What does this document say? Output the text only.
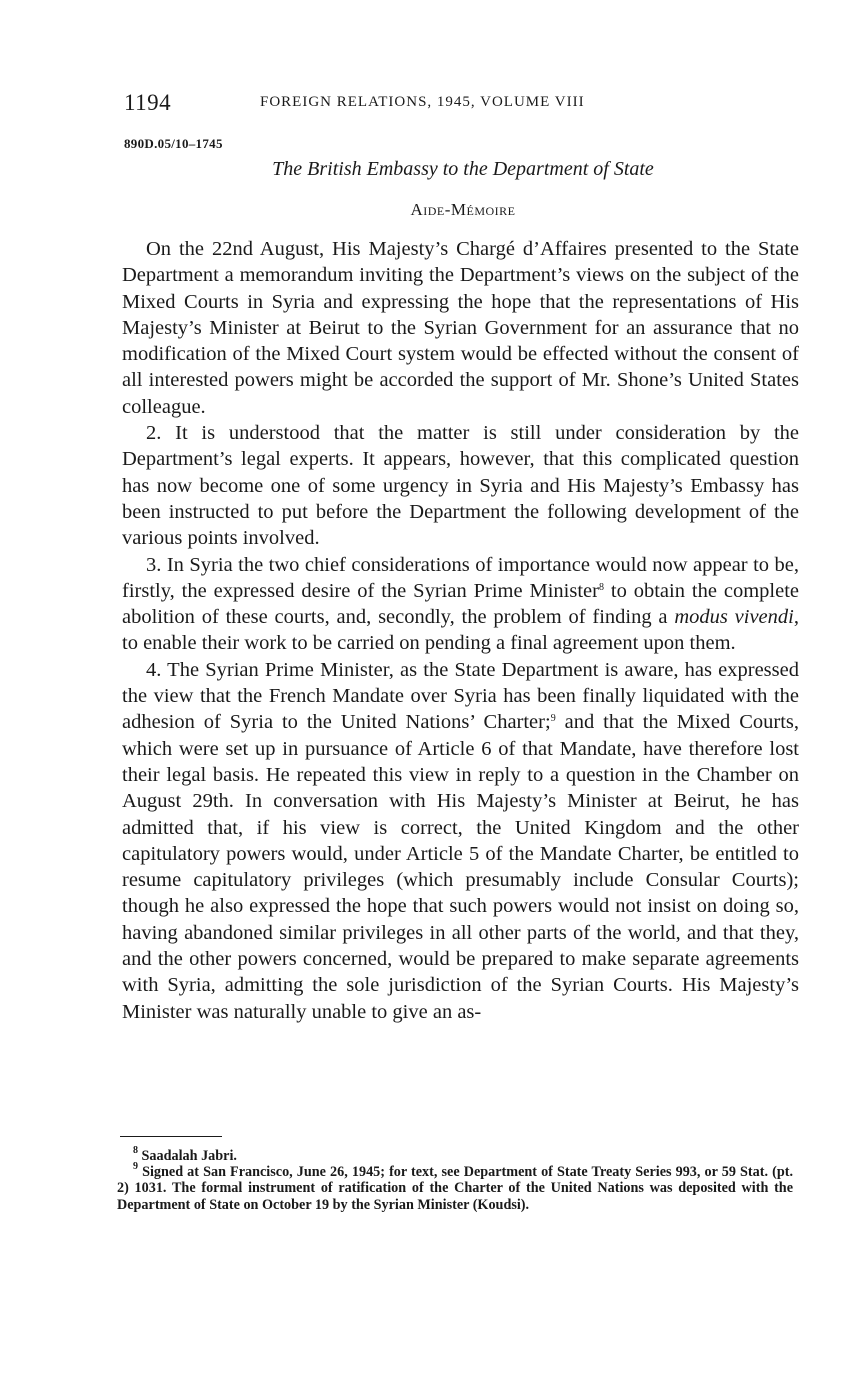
1194	FOREIGN RELATIONS, 1945, VOLUME VIII
890D.05/10–1745
The British Embassy to the Department of State
Aide-Mémoire

On the 22nd August, His Majesty’s Chargé d’Affaires presented to the State Department a memorandum inviting the Department’s views on the subject of the Mixed Courts in Syria and expressing the hope that the representations of His Majesty’s Minister at Beirut to the Syrian Government for an assurance that no modification of the Mixed Court system would be effected without the consent of all interested powers might be accorded the support of Mr. Shone’s United States colleague.

2. It is understood that the matter is still under consideration by the Department’s legal experts. It appears, however, that this complicated question has now become one of some urgency in Syria and His Majesty’s Embassy has been instructed to put before the Department the following development of the various points involved.

3. In Syria the two chief considerations of importance would now appear to be, firstly, the expressed desire of the Syrian Prime Minister$^8$ to obtain the complete abolition of these courts, and, secondly, the problem of finding a modus vivendi, to enable their work to be carried on pending a final agreement upon them.

4. The Syrian Prime Minister, as the State Department is aware, has expressed the view that the French Mandate over Syria has been finally liquidated with the adhesion of Syria to the United Nations’ Charter;$^9$ and that the Mixed Courts, which were set up in pursuance of Article 6 of that Mandate, have therefore lost their legal basis. He repeated this view in reply to a question in the Chamber on August 29th. In conversation with His Majesty’s Minister at Beirut, he has admitted that, if his view is correct, the United Kingdom and the other capitulatory powers would, under Article 5 of the Mandate Charter, be entitled to resume capitulatory privileges (which presumably include Consular Courts); though he also expressed the hope that such powers would not insist on doing so, having abandoned similar privileges in all other parts of the world, and that they, and the other powers concerned, would be prepared to make separate agreements with Syria, admitting the sole jurisdiction of the Syrian Courts. His Majesty’s Minister was naturally unable to give an as-

$^8$ Saadalah Jabri.

$^9$ Signed at San Francisco, June 26, 1945; for text, see Department of State Treaty Series 993, or 59 Stat. (pt. 2) 1031. The formal instrument of ratification of the Charter of the United Nations was deposited with the Department of State on October 19 by the Syrian Minister (Koudsi).
